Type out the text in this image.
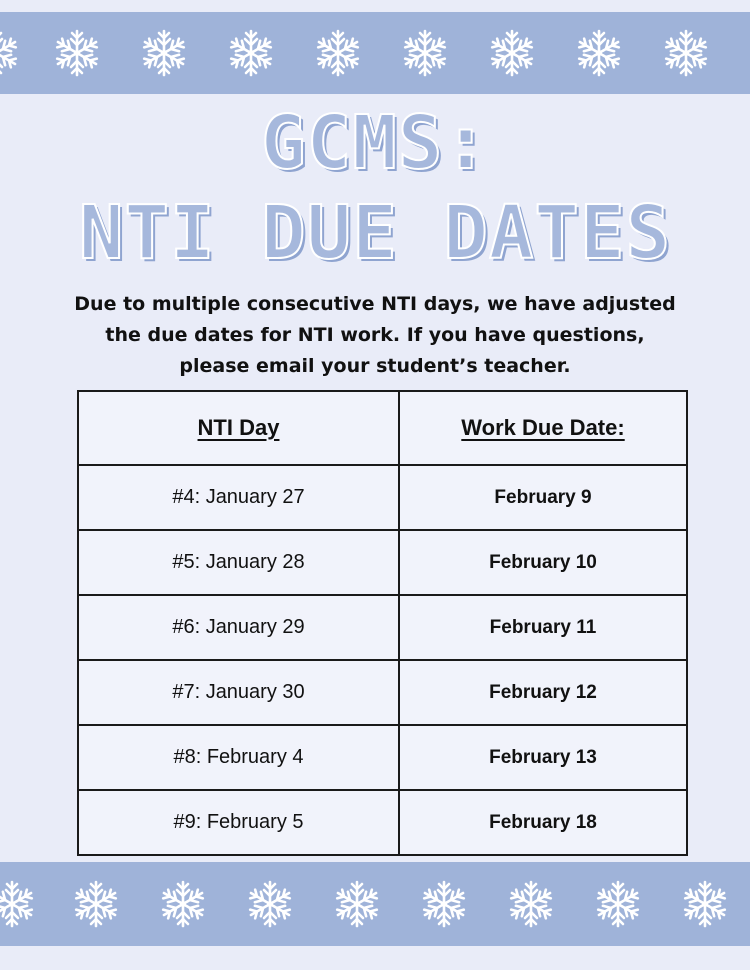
GCMS:
NTI DUE DATES
Due to multiple consecutive NTI days, we have adjusted
the due dates for NTI work. If you have questions,
please email your student’s teacher.
NTI Day	Work Due Date:
#4: January 27	February 9
#5: January 28	February 10
#6: January 29	February 11
#7: January 30	February 12
#8: February 4	February 13
#9: February 5	February 18
